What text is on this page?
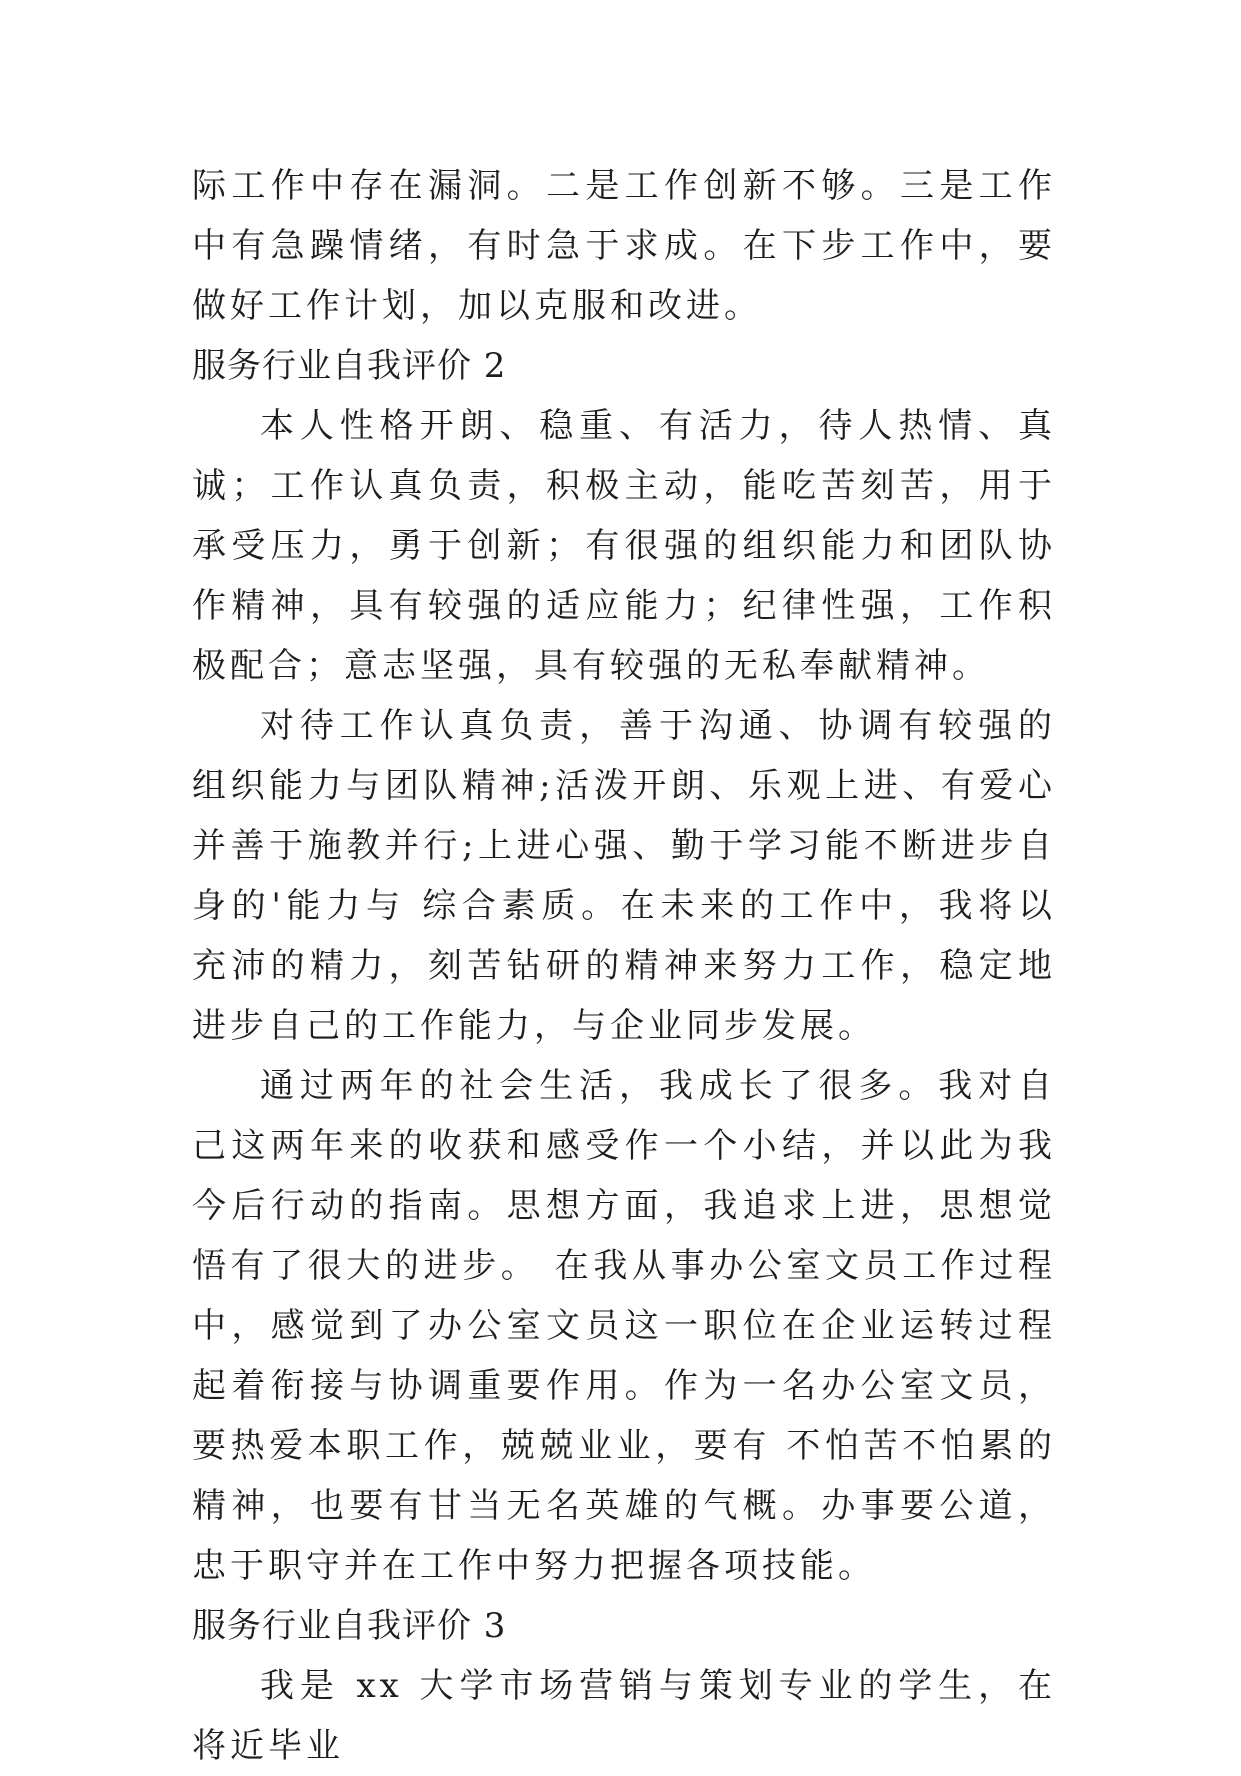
际工作中存在漏洞。二是工作创新不够。三是工作中有急躁情绪，有时急于求成。在下步工作中，要做好工作计划，加以克服和改进。

服务行业自我评价 2

本人性格开朗、稳重、有活力，待人热情、真诚；工作认真负责，积极主动，能吃苦刻苦，用于承受压力，勇于创新；有很强的组织能力和团队协作精神，具有较强的适应能力；纪律性强，工作积极配合；意志坚强，具有较强的无私奉献精神。

对待工作认真负责，善于沟通、协调有较强的组织能力与团队精神;活泼开朗、乐观上进、有爱心并善于施教并行;上进心强、勤于学习能不断进步自身的'能力与 综合素质。在未来的工作中，我将以充沛的精力，刻苦钻研的精神来努力工作，稳定地进步自己的工作能力，与企业同步发展。

通过两年的社会生活，我成长了很多。我对自己这两年来的收获和感受作一个小结，并以此为我今后行动的指南。思想方面，我追求上进，思想觉悟有了很大的进步。 在我从事办公室文员工作过程中，感觉到了办公室文员这一职位在企业运转过程起着衔接与协调重要作用。作为一名办公室文员，要热爱本职工作，兢兢业业，要有 不怕苦不怕累的精神，也要有甘当无名英雄的气概。办事要公道，忠于职守并在工作中努力把握各项技能。

服务行业自我评价 3

我是 xx 大学市场营销与策划专业的学生，在将近毕业
